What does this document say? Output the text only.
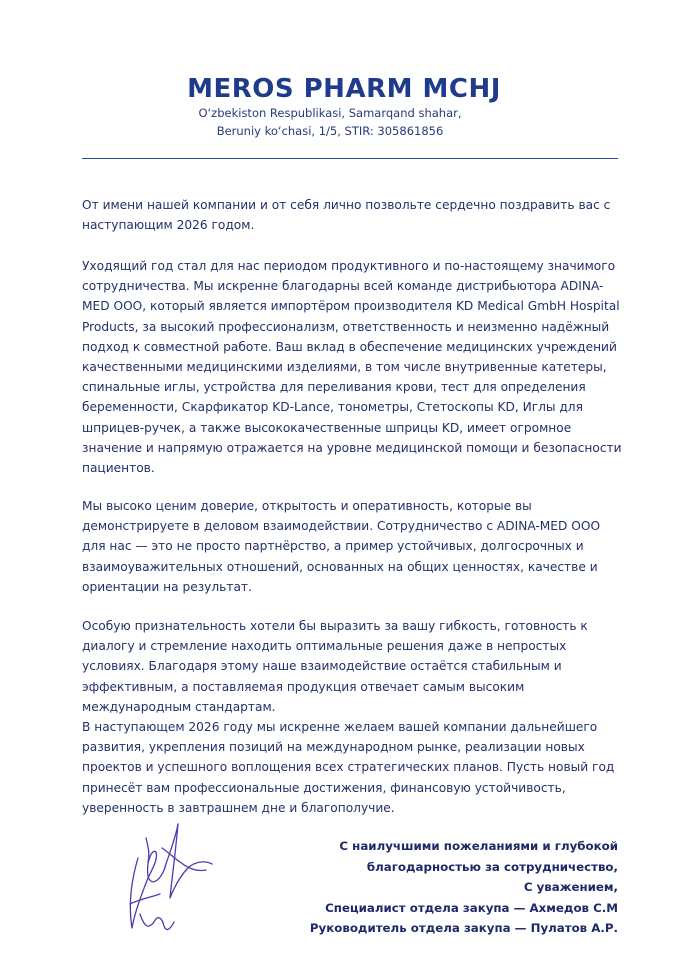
MEROS PHARM MCHJ
O‘zbekiston Respublikasi, Samarqand shahar,
Beruniy ko‘chasi, 1/5, STIR: 305861856

От имени нашей компании и от себя лично позвольте сердечно поздравить вас с наступающим 2026 годом.

Уходящий год стал для нас периодом продуктивного и по-настоящему значимого сотрудничества. Мы искренне благодарны всей команде дистрибьютора ADINA-MED ООО, который является импортёром производителя KD Medical GmbH Hospital Products, за высокий профессионализм, ответственность и неизменно надёжный подход к совместной работе. Ваш вклад в обеспечение медицинских учреждений качественными медицинскими изделиями, в том числе внутривенные катетеры, спинальные иглы, устройства для переливания крови, тест для определения беременности, Скарфикатор KD-Lance, тонометры, Стетоскопы KD, Иглы для шприцев-ручек, а также высококачественные шприцы KD, имеет огромное значение и напрямую отражается на уровне медицинской помощи и безопасности пациентов.

Мы высоко ценим доверие, открытость и оперативность, которые вы демонстрируете в деловом взаимодействии. Сотрудничество с ADINA-MED ООО для нас — это не просто партнёрство, а пример устойчивых, долгосрочных и взаимоуважительных отношений, основанных на общих ценностях, качестве и ориентации на результат.

Особую признательность хотели бы выразить за вашу гибкость, готовность к диалогу и стремление находить оптимальные решения даже в непростых условиях. Благодаря этому наше взаимодействие остаётся стабильным и эффективным, а поставляемая продукция отвечает самым высоким международным стандартам.

В наступающем 2026 году мы искренне желаем вашей компании дальнейшего развития, укрепления позиций на международном рынке, реализации новых проектов и успешного воплощения всех стратегических планов. Пусть новый год принесёт вам профессиональные достижения, финансовую устойчивость, уверенность в завтрашнем дне и благополучие.

С наилучшими пожеланиями и глубокой
благодарностью за сотрудничество,
С уважением,
Специалист отдела закупа — Ахмедов С.М
Руководитель отдела закупа — Пулатов А.Р.
